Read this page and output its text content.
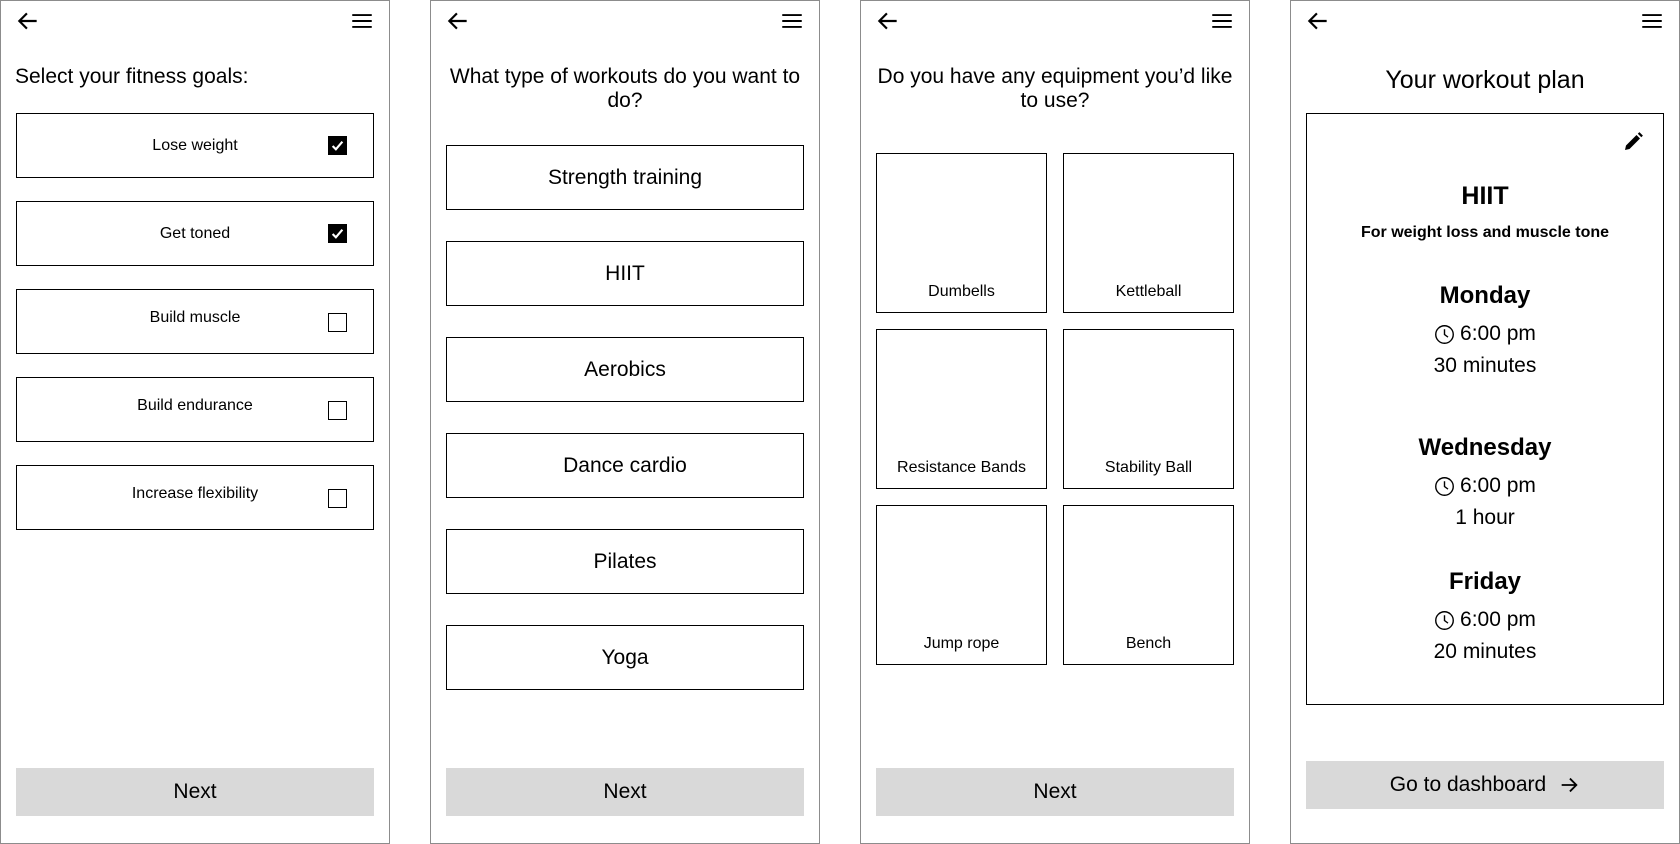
Select your fitness goals:
Lose weight
Get toned
Build muscle
Build endurance
Increase flexibility
Next
What type of workouts do you want to do?
Strength training
HIIT
Aerobics
Dance cardio
Pilates
Yoga
Next
Do you have any equipment you’d like to use?
Dumbells	Kettleball
Resistance Bands	Stability Ball
Jump rope	Bench
Next
Your workout plan
HIIT
For weight loss and muscle tone
Monday
6:00 pm
30 minutes
Wednesday
6:00 pm
1 hour
Friday
6:00 pm
20 minutes
Go to dashboard
